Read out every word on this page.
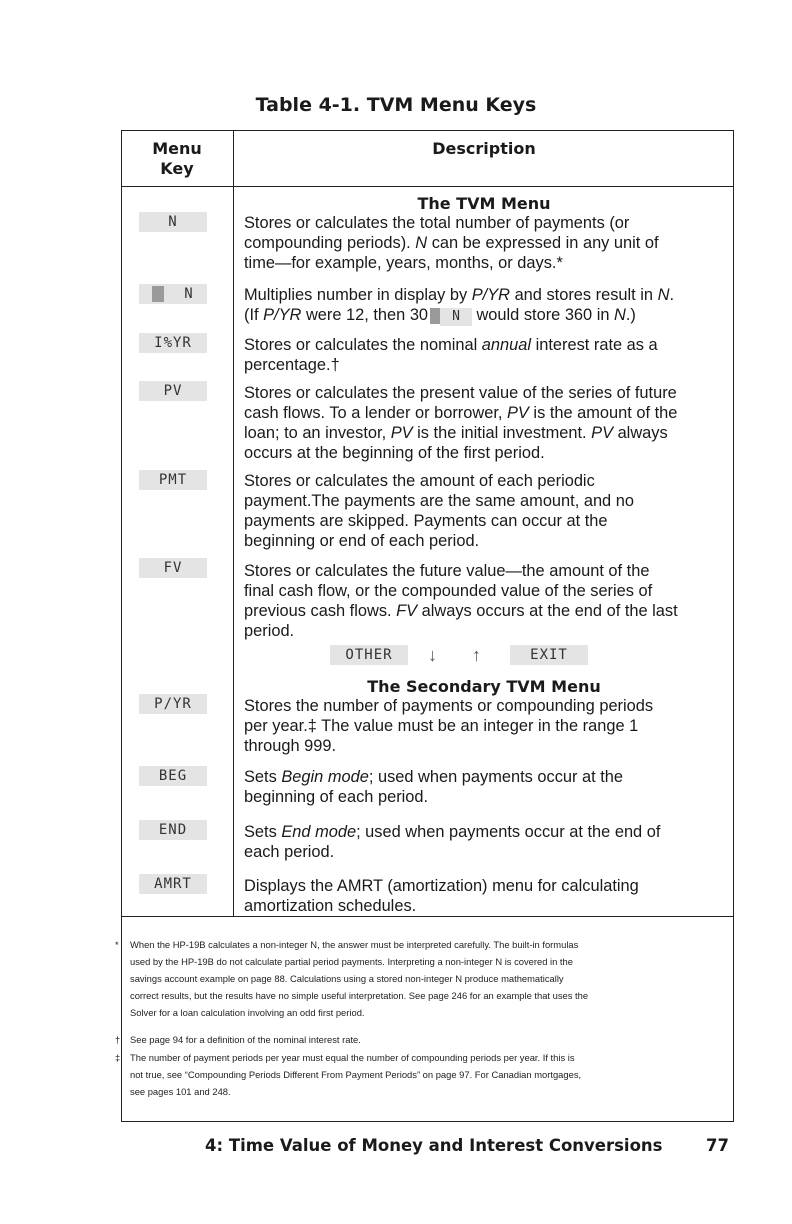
Table 4-1. TVM Menu Keys
Menu
Key
Description
The TVM Menu
N	Stores or calculates the total number of payments (or
compounding periods). N can be expressed in any unit of
time—for example, years, months, or days.*
N	Multiplies number in display by P/YR and stores result in N.
(If P/YR were 12, then 30 N would store 360 in N.)
I%YR	Stores or calculates the nominal annual interest rate as a
percentage.†
PV	Stores or calculates the present value of the series of future
cash flows. To a lender or borrower, PV is the amount of the
loan; to an investor, PV is the initial investment. PV always
occurs at the beginning of the first period.
PMT	Stores or calculates the amount of each periodic
payment.The payments are the same amount, and no
payments are skipped. Payments can occur at the
beginning or end of each period.
FV	Stores or calculates the future value—the amount of the
final cash flow, or the compounded value of the series of
previous cash flows. FV always occurs at the end of the last
period.
OTHER	↓ ↑	EXIT
The Secondary TVM Menu
P/YR	Stores the number of payments or compounding periods
per year.‡ The value must be an integer in the range 1
through 999.
BEG	Sets Begin mode; used when payments occur at the
beginning of each period.
END	Sets End mode; used when payments occur at the end of
each period.
AMRT	Displays the AMRT (amortization) menu for calculating
amortization schedules.
* When the HP-19B calculates a non-integer N, the answer must be interpreted carefully. The built-in formulas
used by the HP-19B do not calculate partial period payments. Interpreting a non-integer N is covered in the
savings account example on page 88. Calculations using a stored non-integer N produce mathematically
correct results, but the results have no simple useful interpretation. See page 246 for an example that uses the
Solver for a loan calculation involving an odd first period.
† See page 94 for a definition of the nominal interest rate.
‡ The number of payment periods per year must equal the number of compounding periods per year. If this is
not true, see “Compounding Periods Different From Payment Periods” on page 97. For Canadian mortgages,
see pages 101 and 248.
4: Time Value of Money and Interest Conversions	77
